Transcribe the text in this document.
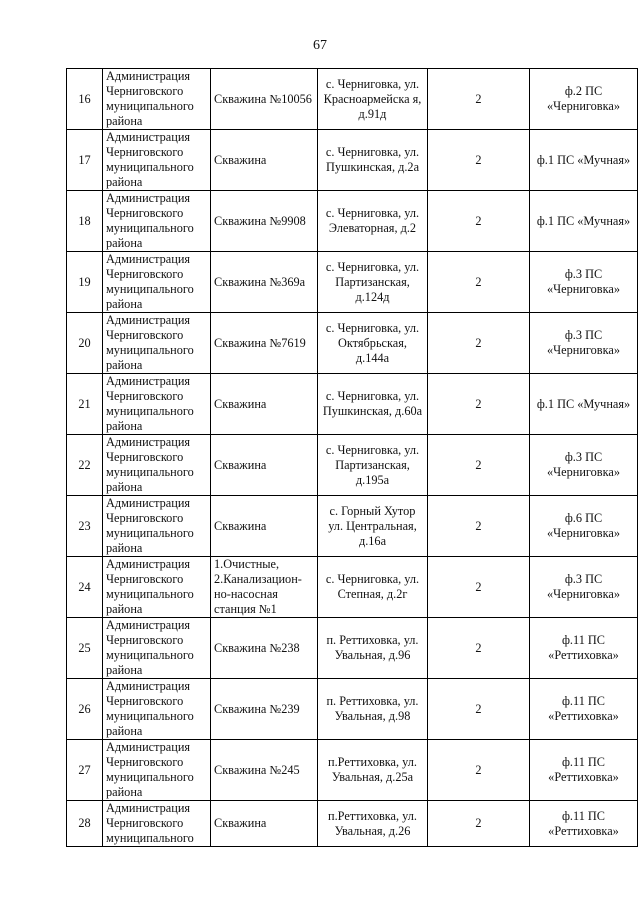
67
16	Администрация Черниговского муниципального района	Скважина №10056	с. Черниговка, ул. Красноармейска я, д.91д	2	ф.2 ПС «Черниговка»
17	Администрация Черниговского муниципального района	Скважина	с. Черниговка, ул. Пушкинская, д.2а	2	ф.1 ПС «Мучная»
18	Администрация Черниговского муниципального района	Скважина №9908	с. Черниговка, ул. Элеваторная, д.2	2	ф.1 ПС «Мучная»
19	Администрация Черниговского муниципального района	Скважина №369а	с. Черниговка, ул. Партизанская, д.124д	2	ф.3 ПС «Черниговка»
20	Администрация Черниговского муниципального района	Скважина №7619	с. Черниговка, ул. Октябрьская, д.144а	2	ф.3 ПС «Черниговка»
21	Администрация Черниговского муниципального района	Скважина	с. Черниговка, ул. Пушкинская, д.60а	2	ф.1 ПС «Мучная»
22	Администрация Черниговского муниципального района	Скважина	с. Черниговка, ул. Партизанская, д.195а	2	ф.3 ПС «Черниговка»
23	Администрация Черниговского муниципального района	Скважина	с. Горный Хутор ул. Центральная, д.16а	2	ф.6 ПС «Черниговка»
24	Администрация Черниговского муниципального района	1.Очистные, 2.Канализацион-но-насосная станция №1	с. Черниговка, ул. Степная, д.2г	2	ф.3 ПС «Черниговка»
25	Администрация Черниговского муниципального района	Скважина №238	п. Реттиховка, ул. Увальная, д.96	2	ф.11 ПС «Реттиховка»
26	Администрация Черниговского муниципального района	Скважина №239	п. Реттиховка, ул. Увальная, д.98	2	ф.11 ПС «Реттиховка»
27	Администрация Черниговского муниципального района	Скважина №245	п.Реттиховка, ул. Увальная, д.25а	2	ф.11 ПС «Реттиховка»
28	Администрация Черниговского муниципального	Скважина	п.Реттиховка, ул. Увальная, д.26	2	ф.11 ПС «Реттиховка»
